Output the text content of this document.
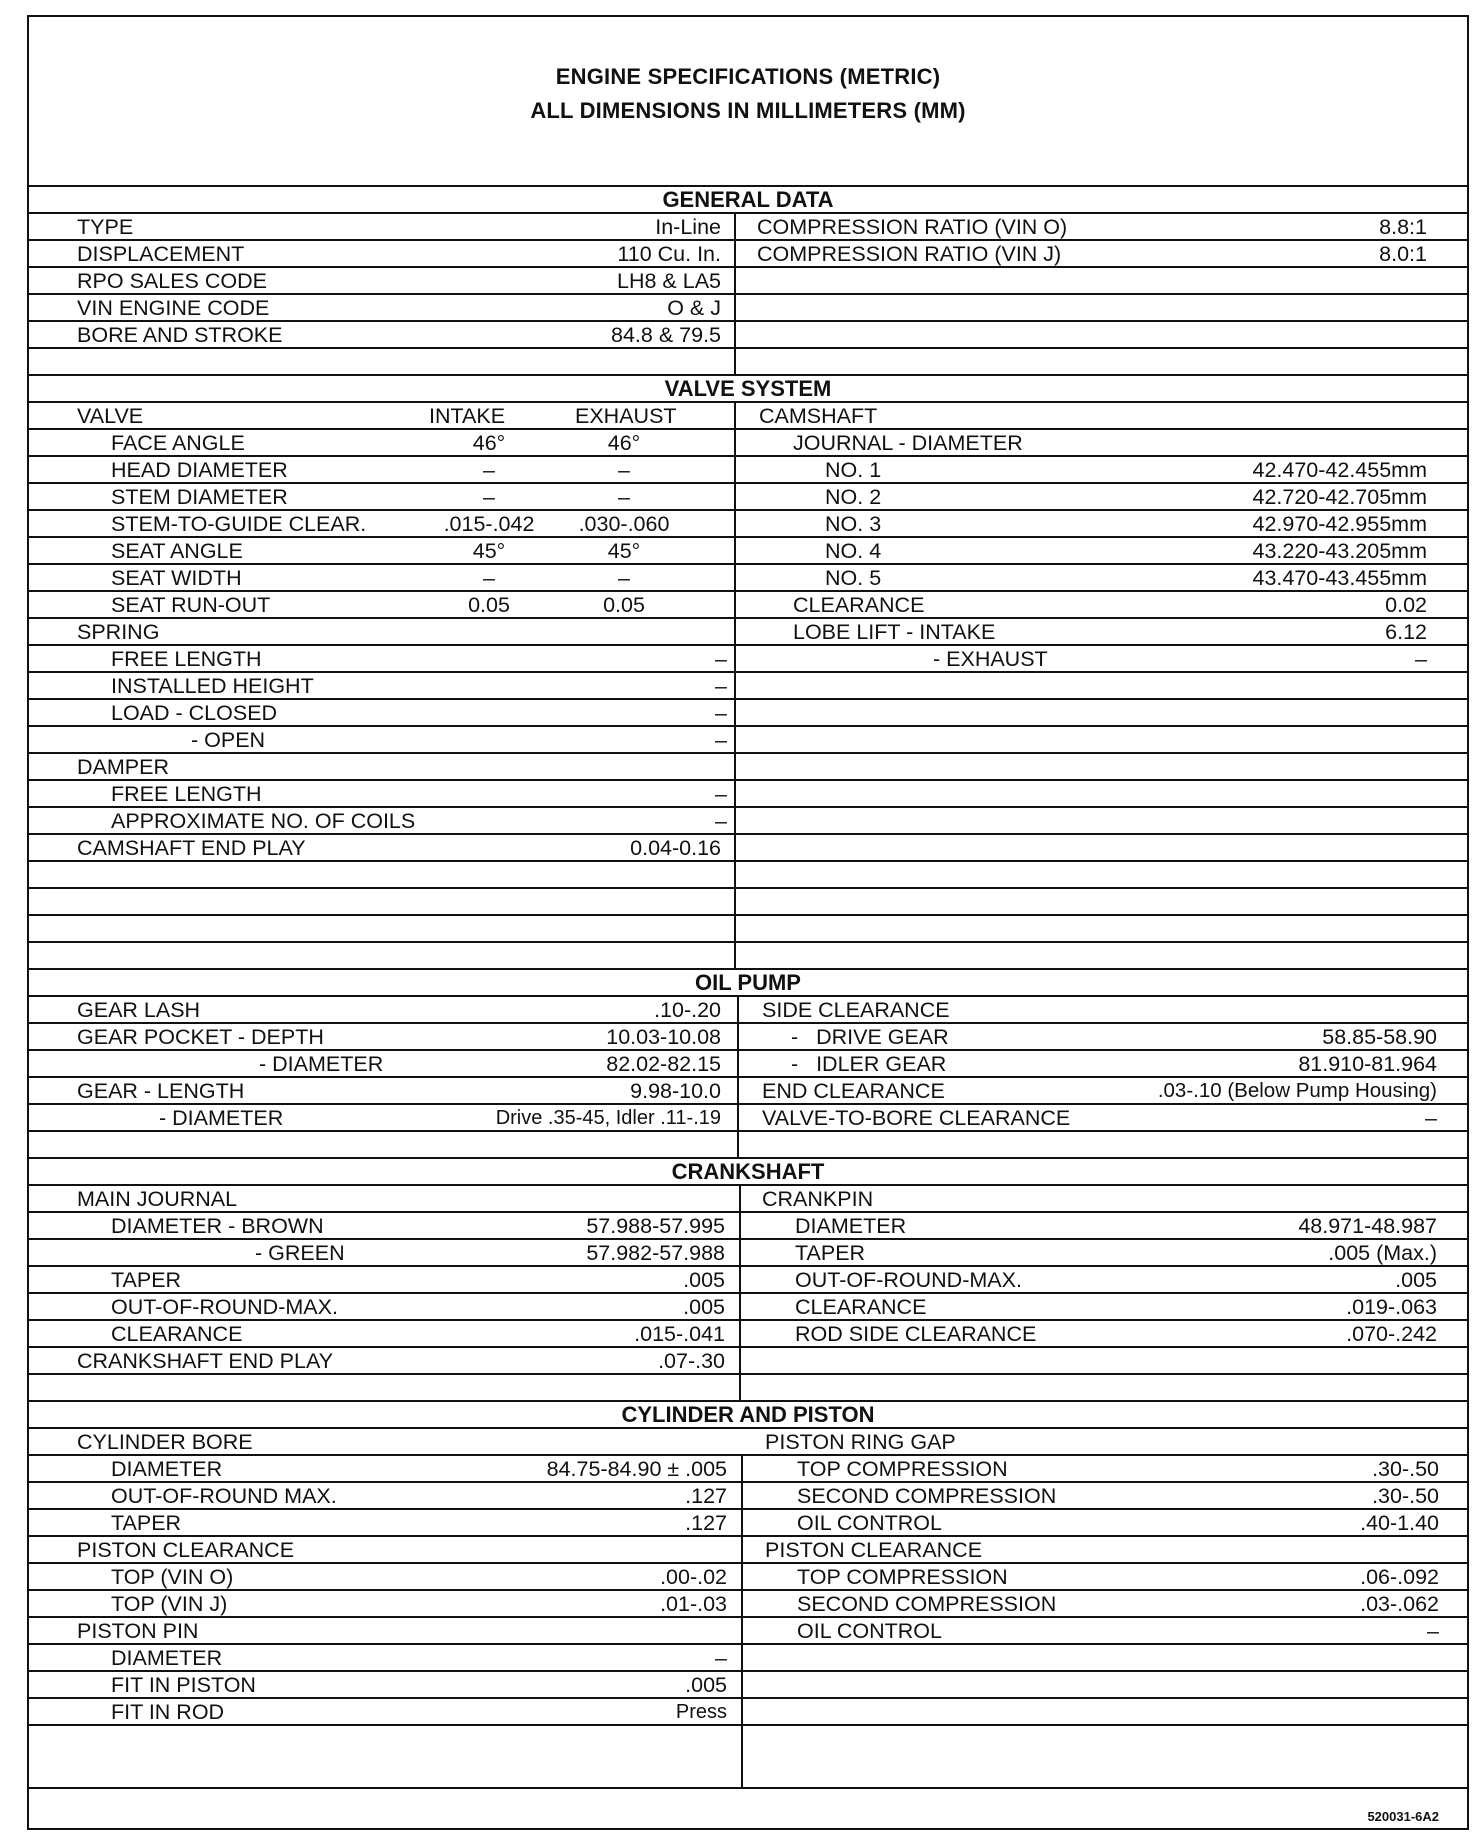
ENGINE SPECIFICATIONS (METRIC)
ALL DIMENSIONS IN MILLIMETERS (MM)
GENERAL DATA
VALVE SYSTEM
OIL PUMP
CRANKSHAFT
CYLINDER AND PISTON
TYPE	In-Line
DISPLACEMENT	110 Cu. In.
RPO SALES CODE	LH8 & LA5
VIN ENGINE CODE	O & J
BORE AND STROKE	84.8 & 79.5
COMPRESSION RATIO (VIN O)	8.8:1
COMPRESSION RATIO (VIN J)	8.0:1
VALVE	INTAKE	EXHAUST
FACE ANGLE	46°	46°
HEAD DIAMETER	–	–
STEM DIAMETER	–	–
STEM-TO-GUIDE CLEAR.	.015-.042	.030-.060
SEAT ANGLE	45°	45°
SEAT WIDTH	–	–
SEAT RUN-OUT	0.05	0.05
SPRING
FREE LENGTH	–
INSTALLED HEIGHT	–
LOAD - CLOSED	–
- OPEN	–
DAMPER
FREE LENGTH	–
APPROXIMATE NO. OF COILS	–
CAMSHAFT END PLAY	0.04-0.16
CAMSHAFT
JOURNAL - DIAMETER
NO. 1	42.470-42.455mm
NO. 2	42.720-42.705mm
NO. 3	42.970-42.955mm
NO. 4	43.220-43.205mm
NO. 5	43.470-43.455mm
CLEARANCE	0.02
LOBE LIFT - INTAKE	6.12
- EXHAUST	–
GEAR LASH	.10-.20
GEAR POCKET - DEPTH	10.03-10.08
- DIAMETER	82.02-82.15
GEAR - LENGTH	9.98-10.0
- DIAMETER	Drive .35-45, Idler .11-.19
SIDE CLEARANCE
-   DRIVE GEAR	58.85-58.90
-   IDLER GEAR	81.910-81.964
END CLEARANCE	.03-.10 (Below Pump Housing)
VALVE-TO-BORE CLEARANCE	–
MAIN JOURNAL
DIAMETER - BROWN	57.988-57.995
- GREEN	57.982-57.988
TAPER	.005
OUT-OF-ROUND-MAX.	.005
CLEARANCE	.015-.041
CRANKSHAFT END PLAY	.07-.30
CRANKPIN
DIAMETER	48.971-48.987
TAPER	.005 (Max.)
OUT-OF-ROUND-MAX.	.005
CLEARANCE	.019-.063
ROD SIDE CLEARANCE	.070-.242
CYLINDER BORE
DIAMETER	84.75-84.90 ± .005
OUT-OF-ROUND MAX.	.127
TAPER	.127
PISTON CLEARANCE
TOP (VIN O)	.00-.02
TOP (VIN J)	.01-.03
PISTON PIN
DIAMETER	–
FIT IN PISTON	.005
FIT IN ROD	Press
PISTON RING GAP
TOP COMPRESSION	.30-.50
SECOND COMPRESSION	.30-.50
OIL CONTROL	.40-1.40
PISTON CLEARANCE
TOP COMPRESSION	.06-.092
SECOND COMPRESSION	.03-.062
OIL CONTROL	–
520031-6A2
